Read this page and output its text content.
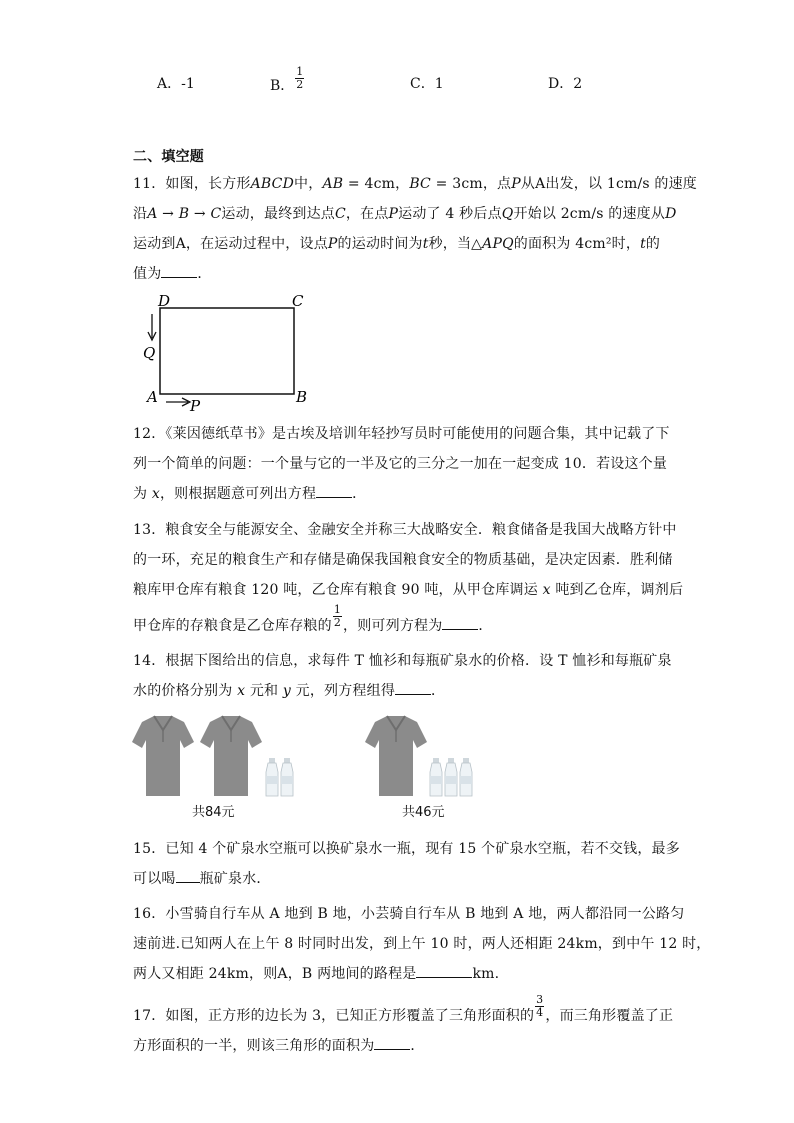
A．-1	B． $\frac{1}{2}$	C．1	D．2
二、填空题
11．如图，长方形ABCD中，AB = 4cm，BC = 3cm，点P从A出发，以 1cm/s 的速度
沿A → B → C运动，最终到达点C，在点P运动了 4 秒后点Q开始以 2cm/s 的速度从D
运动到A，在运动过程中，设点P的运动时间为t秒，当△APQ的面积为 4cm²时，t的
值为	．
D	C
Q
A	B
P
12．《莱因德纸草书》是古埃及培训年轻抄写员时可能使用的问题合集，其中记载了下
列一个简单的问题：一个量与它的一半及它的三分之一加在一起变成 10．若设这个量
为 x，则根据题意可列出方程	．
13．粮食安全与能源安全、金融安全并称三大战略安全．粮食储备是我国大战略方针中
的一环，充足的粮食生产和存储是确保我国粮食安全的物质基础，是决定因素．胜利储
粮库甲仓库有粮食 120 吨，乙仓库有粮食 90 吨，从甲仓库调运 x 吨到乙仓库，调剂后
甲仓库的存粮食是乙仓库存粮的 $\frac{1}{2}$ ，则可列方程为	．
14．根据下图给出的信息，求每件 T 恤衫和每瓶矿泉水的价格．设 T 恤衫和每瓶矿泉
水的价格分别为 x 元和 y 元，列方程组得	．
共84元	共46元
15．已知 4 个矿泉水空瓶可以换矿泉水一瓶，现有 15 个矿泉水空瓶，若不交钱，最多
可以喝 瓶矿泉水．
16．小雪骑自行车从 A 地到 B 地，小芸骑自行车从 B 地到 A 地，两人都沿同一公路匀
速前进.已知两人在上午 8 时同时出发，到上午 10 时，两人还相距 24km，到中午 12 时，
两人又相距 24km，则A，B 两地间的路程是	km.
17．如图，正方形的边长为 3，已知正方形覆盖了三角形面积的 $\frac{3}{4}$ ，而三角形覆盖了正
方形面积的一半，则该三角形的面积为	．
